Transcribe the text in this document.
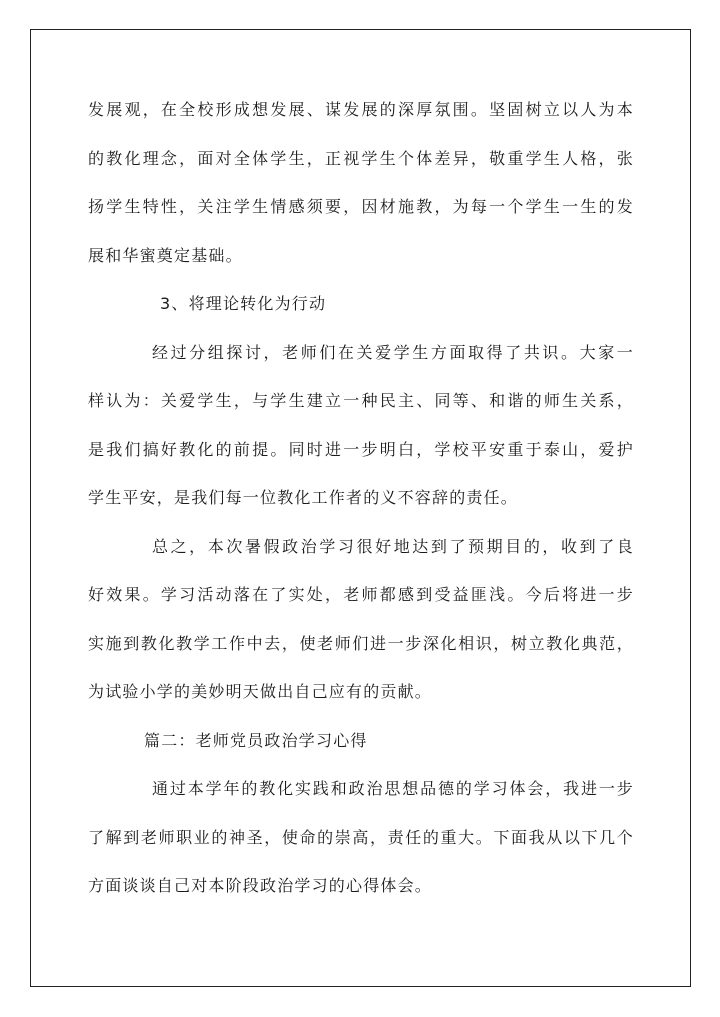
发展观，在全校形成想发展、谋发展的深厚氛围。坚固树立以人为本
的教化理念，面对全体学生，正视学生个体差异，敬重学生人格，张
扬学生特性，关注学生情感须要，因材施教，为每一个学生一生的发
展和华蜜奠定基础。
3、将理论转化为行动
经过分组探讨，老师们在关爱学生方面取得了共识。大家一
样认为：关爱学生，与学生建立一种民主、同等、和谐的师生关系，
是我们搞好教化的前提。同时进一步明白，学校平安重于泰山，爱护
学生平安，是我们每一位教化工作者的义不容辞的责任。
总之，本次暑假政治学习很好地达到了预期目的，收到了良
好效果。学习活动落在了实处，老师都感到受益匪浅。今后将进一步
实施到教化教学工作中去，使老师们进一步深化相识，树立教化典范，
为试验小学的美妙明天做出自己应有的贡献。
篇二：老师党员政治学习心得
通过本学年的教化实践和政治思想品德的学习体会，我进一步
了解到老师职业的神圣，使命的崇高，责任的重大。下面我从以下几个
方面谈谈自己对本阶段政治学习的心得体会。
